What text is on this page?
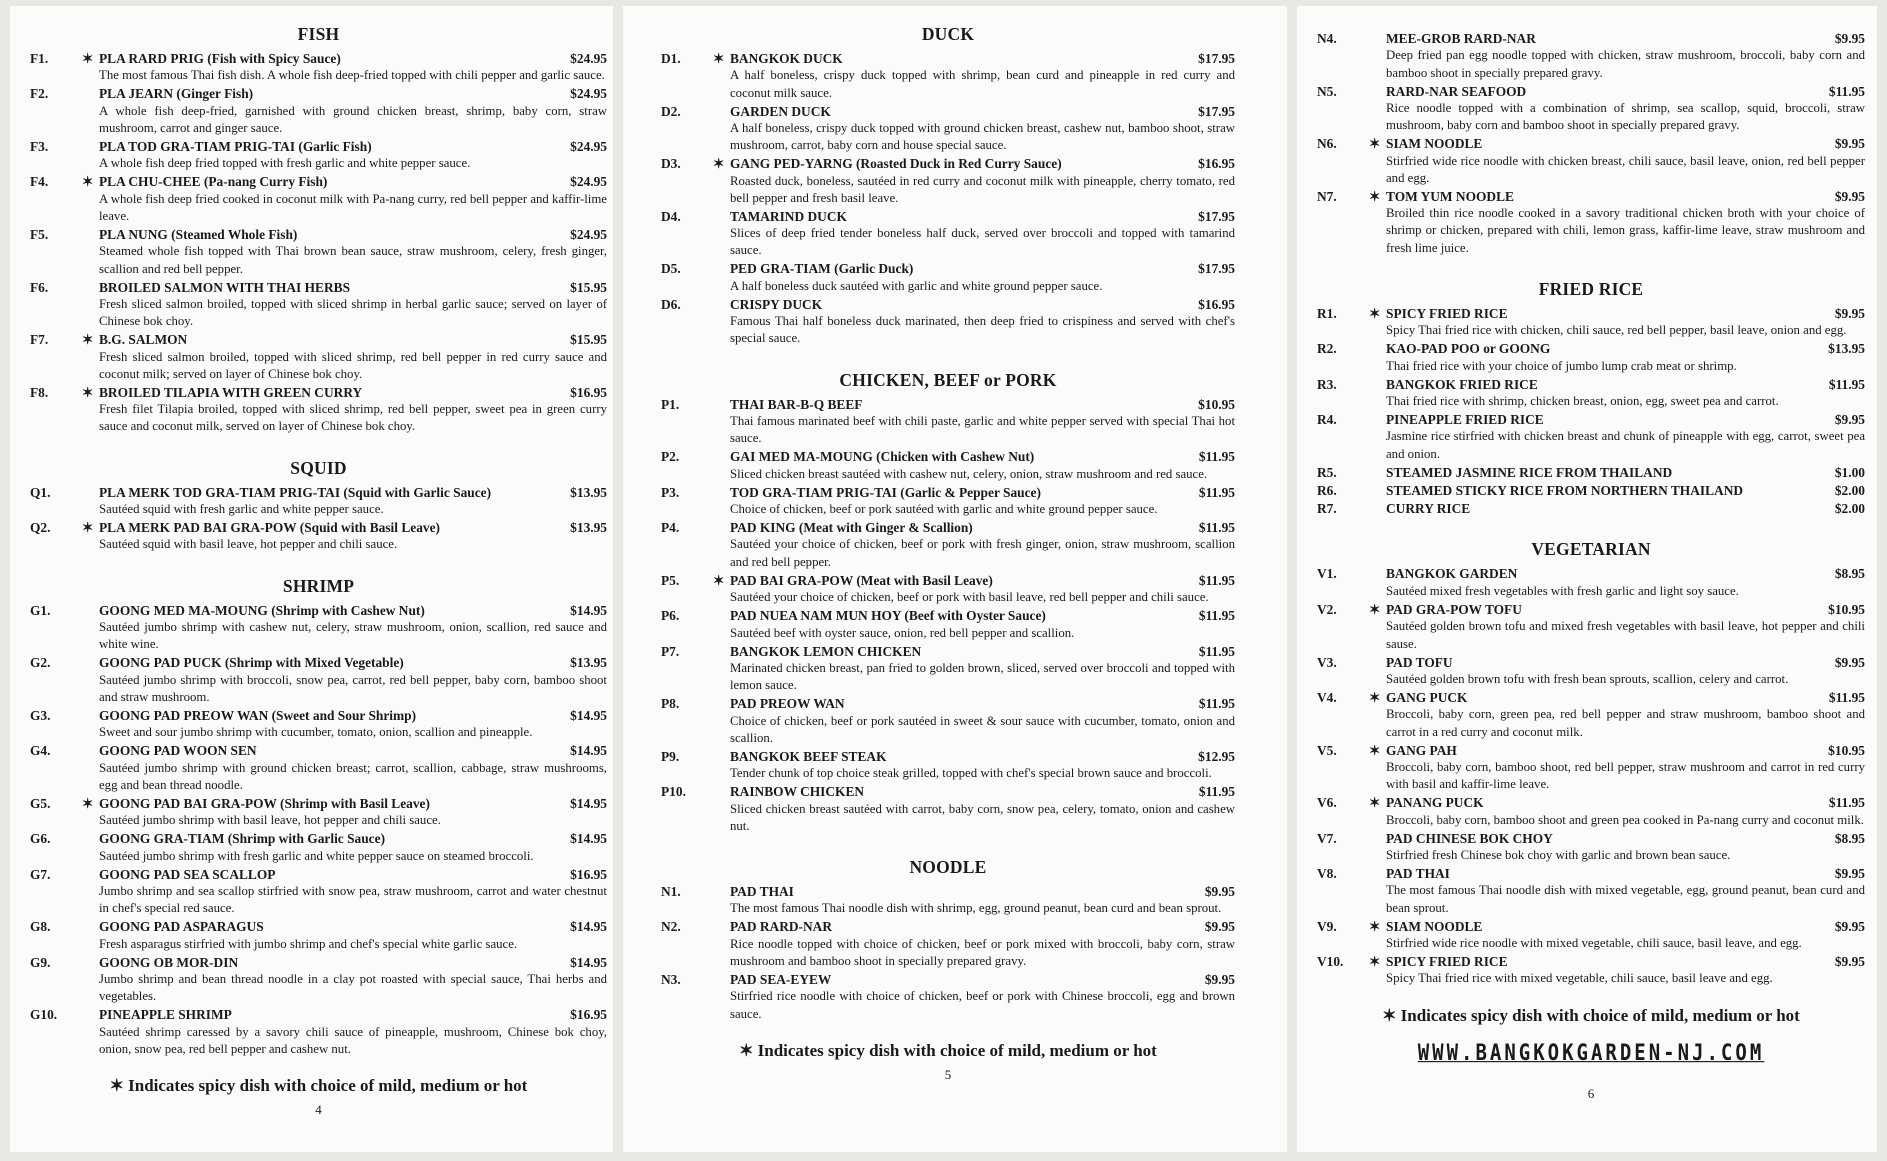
FISH
F1.	✶ PLA RARD PRIG (Fish with Spicy Sauce)	$24.95
The most famous Thai fish dish. A whole fish deep-fried topped with chili pepper and garlic sauce.
F2.	PLA JEARN (Ginger Fish)	$24.95
A whole fish deep-fried, garnished with ground chicken breast, shrimp, baby corn, straw mushroom, carrot and ginger sauce.
F3.	PLA TOD GRA-TIAM PRIG-TAI (Garlic Fish)	$24.95
A whole fish deep fried topped with fresh garlic and white pepper sauce.
F4.	✶ PLA CHU-CHEE (Pa-nang Curry Fish)	$24.95
A whole fish deep fried cooked in coconut milk with Pa-nang curry, red bell pepper and kaffir-lime leave.
F5.	PLA NUNG (Steamed Whole Fish)	$24.95
Steamed whole fish topped with Thai brown bean sauce, straw mushroom, celery, fresh ginger, scallion and red bell pepper.
F6.	BROILED SALMON WITH THAI HERBS	$15.95
Fresh sliced salmon broiled, topped with sliced shrimp in herbal garlic sauce; served on layer of Chinese bok choy.
F7.	✶ B.G. SALMON	$15.95
Fresh sliced salmon broiled, topped with sliced shrimp, red bell pepper in red curry sauce and coconut milk; served on layer of Chinese bok choy.
F8.	✶ BROILED TILAPIA WITH GREEN CURRY	$16.95
Fresh filet Tilapia broiled, topped with sliced shrimp, red bell pepper, sweet pea in green curry sauce and coconut milk, served on layer of Chinese bok choy.
SQUID
Q1.	PLA MERK TOD GRA-TIAM PRIG-TAI (Squid with Garlic Sauce)	$13.95
Sautéed squid with fresh garlic and white pepper sauce.
Q2.	✶ PLA MERK PAD BAI GRA-POW (Squid with Basil Leave)	$13.95
Sautéed squid with basil leave, hot pepper and chili sauce.
SHRIMP
G1.	GOONG MED MA-MOUNG (Shrimp with Cashew Nut)	$14.95
Sautéed jumbo shrimp with cashew nut, celery, straw mushroom, onion, scallion, red sauce and white wine.
G2.	GOONG PAD PUCK (Shrimp with Mixed Vegetable)	$13.95
Sautéed jumbo shrimp with broccoli, snow pea, carrot, red bell pepper, baby corn, bamboo shoot and straw mushroom.
G3.	GOONG PAD PREOW WAN (Sweet and Sour Shrimp)	$14.95
Sweet and sour jumbo shrimp with cucumber, tomato, onion, scallion and pineapple.
G4.	GOONG PAD WOON SEN	$14.95
Sautéed jumbo shrimp with ground chicken breast; carrot, scallion, cabbage, straw mushrooms, egg and bean thread noodle.
G5.	✶ GOONG PAD BAI GRA-POW (Shrimp with Basil Leave)	$14.95
Sautéed jumbo shrimp with basil leave, hot pepper and chili sauce.
G6.	GOONG GRA-TIAM (Shrimp with Garlic Sauce)	$14.95
Sautéed jumbo shrimp with fresh garlic and white pepper sauce on steamed broccoli.
G7.	GOONG PAD SEA SCALLOP	$16.95
Jumbo shrimp and sea scallop stirfried with snow pea, straw mushroom, carrot and water chestnut in chef's special red sauce.
G8.	GOONG PAD ASPARAGUS	$14.95
Fresh asparagus stirfried with jumbo shrimp and chef's special white garlic sauce.
G9.	GOONG OB MOR-DIN	$14.95
Jumbo shrimp and bean thread noodle in a clay pot roasted with special sauce, Thai herbs and vegetables.
G10.	PINEAPPLE SHRIMP	$16.95
Sautéed shrimp caressed by a savory chili sauce of pineapple, mushroom, Chinese bok choy, onion, snow pea, red bell pepper and cashew nut.
✶ Indicates spicy dish with choice of mild, medium or hot
4
DUCK
D1.	✶ BANGKOK DUCK	$17.95
A half boneless, crispy duck topped with shrimp, bean curd and pineapple in red curry and coconut milk sauce.
D2.	GARDEN DUCK	$17.95
A half boneless, crispy duck topped with ground chicken breast, cashew nut, bamboo shoot, straw mushroom, carrot, baby corn and house special sauce.
D3.	✶ GANG PED-YARNG (Roasted Duck in Red Curry Sauce)	$16.95
Roasted duck, boneless, sautéed in red curry and coconut milk with pineapple, cherry tomato, red bell pepper and fresh basil leave.
D4.	TAMARIND DUCK	$17.95
Slices of deep fried tender boneless half duck, served over broccoli and topped with tamarind sauce.
D5.	PED GRA-TIAM (Garlic Duck)	$17.95
A half boneless duck sautéed with garlic and white ground pepper sauce.
D6.	CRISPY DUCK	$16.95
Famous Thai half boneless duck marinated, then deep fried to crispiness and served with chef's special sauce.
CHICKEN, BEEF or PORK
P1.	THAI BAR-B-Q BEEF	$10.95
Thai famous marinated beef with chili paste, garlic and white pepper served with special Thai hot sauce.
P2.	GAI MED MA-MOUNG (Chicken with Cashew Nut)	$11.95
Sliced chicken breast sautéed with cashew nut, celery, onion, straw mushroom and red sauce.
P3.	TOD GRA-TIAM PRIG-TAI (Garlic & Pepper Sauce)	$11.95
Choice of chicken, beef or pork sautéed with garlic and white ground pepper sauce.
P4.	PAD KING (Meat with Ginger & Scallion)	$11.95
Sautéed your choice of chicken, beef or pork with fresh ginger, onion, straw mushroom, scallion and red bell pepper.
P5.	✶ PAD BAI GRA-POW (Meat with Basil Leave)	$11.95
Sautéed your choice of chicken, beef or pork with basil leave, red bell pepper and chili sauce.
P6.	PAD NUEA NAM MUN HOY (Beef with Oyster Sauce)	$11.95
Sautéed beef with oyster sauce, onion, red bell pepper and scallion.
P7.	BANGKOK LEMON CHICKEN	$11.95
Marinated chicken breast, pan fried to golden brown, sliced, served over broccoli and topped with lemon sauce.
P8.	PAD PREOW WAN	$11.95
Choice of chicken, beef or pork sautéed in sweet & sour sauce with cucumber, tomato, onion and scallion.
P9.	BANGKOK BEEF STEAK	$12.95
Tender chunk of top choice steak grilled, topped with chef's special brown sauce and broccoli.
P10.	RAINBOW CHICKEN	$11.95
Sliced chicken breast sautéed with carrot, baby corn, snow pea, celery, tomato, onion and cashew nut.
NOODLE
N1.	PAD THAI	$9.95
The most famous Thai noodle dish with shrimp, egg, ground peanut, bean curd and bean sprout.
N2.	PAD RARD-NAR	$9.95
Rice noodle topped with choice of chicken, beef or pork mixed with broccoli, baby corn, straw mushroom and bamboo shoot in specially prepared gravy.
N3.	PAD SEA-EYEW	$9.95
Stirfried rice noodle with choice of chicken, beef or pork with Chinese broccoli, egg and brown sauce.
✶ Indicates spicy dish with choice of mild, medium or hot
5
N4.	MEE-GROB RARD-NAR	$9.95
Deep fried pan egg noodle topped with chicken, straw mushroom, broccoli, baby corn and bamboo shoot in specially prepared gravy.
N5.	RARD-NAR SEAFOOD	$11.95
Rice noodle topped with a combination of shrimp, sea scallop, squid, broccoli, straw mushroom, baby corn and bamboo shoot in specially prepared gravy.
N6.	✶ SIAM NOODLE	$9.95
Stirfried wide rice noodle with chicken breast, chili sauce, basil leave, onion, red bell pepper and egg.
N7.	✶ TOM YUM NOODLE	$9.95
Broiled thin rice noodle cooked in a savory traditional chicken broth with your choice of shrimp or chicken, prepared with chili, lemon grass, kaffir-lime leave, straw mushroom and fresh lime juice.
FRIED RICE
R1.	✶ SPICY FRIED RICE	$9.95
Spicy Thai fried rice with chicken, chili sauce, red bell pepper, basil leave, onion and egg.
R2.	KAO-PAD POO or GOONG	$13.95
Thai fried rice with your choice of jumbo lump crab meat or shrimp.
R3.	BANGKOK FRIED RICE	$11.95
Thai fried rice with shrimp, chicken breast, onion, egg, sweet pea and carrot.
R4.	PINEAPPLE FRIED RICE	$9.95
Jasmine rice stirfried with chicken breast and chunk of pineapple with egg, carrot, sweet pea and onion.
R5.	STEAMED JASMINE RICE FROM THAILAND	$1.00
R6.	STEAMED STICKY RICE FROM NORTHERN THAILAND	$2.00
R7.	CURRY RICE	$2.00
VEGETARIAN
V1.	BANGKOK GARDEN	$8.95
Sautéed mixed fresh vegetables with fresh garlic and light soy sauce.
V2.	✶ PAD GRA-POW TOFU	$10.95
Sautéed golden brown tofu and mixed fresh vegetables with basil leave, hot pepper and chili sause.
V3.	PAD TOFU	$9.95
Sautéed golden brown tofu with fresh bean sprouts, scallion, celery and carrot.
V4.	✶ GANG PUCK	$11.95
Broccoli, baby corn, green pea, red bell pepper and straw mushroom, bamboo shoot and carrot in a red curry and coconut milk.
V5.	✶ GANG PAH	$10.95
Broccoli, baby corn, bamboo shoot, red bell pepper, straw mushroom and carrot in red curry with basil and kaffir-lime leave.
V6.	✶ PANANG PUCK	$11.95
Broccoli, baby corn, bamboo shoot and green pea cooked in Pa-nang curry and coconut milk.
V7.	PAD CHINESE BOK CHOY	$8.95
Stirfried fresh Chinese bok choy with garlic and brown bean sauce.
V8.	PAD THAI	$9.95
The most famous Thai noodle dish with mixed vegetable, egg, ground peanut, bean curd and bean sprout.
V9.	✶ SIAM NOODLE	$9.95
Stirfried wide rice noodle with mixed vegetable, chili sauce, basil leave, and egg.
V10.	✶ SPICY FRIED RICE	$9.95
Spicy Thai fried rice with mixed vegetable, chili sauce, basil leave and egg.
✶ Indicates spicy dish with choice of mild, medium or hot
WWW.BANGKOKGARDEN-NJ.COM
6
